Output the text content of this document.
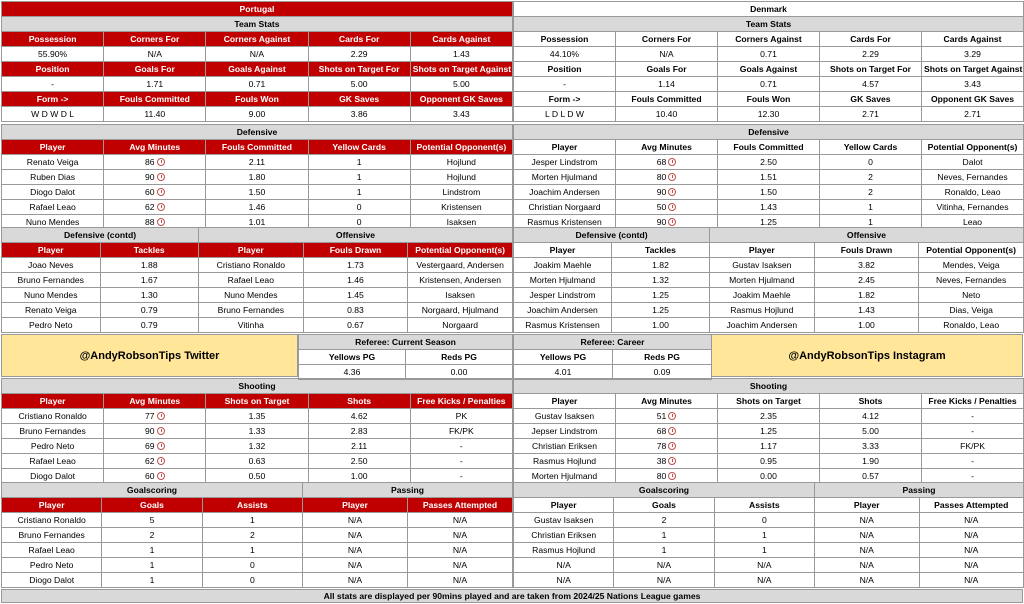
Portugal				
Team Stats				
Possession	Corners For	Corners Against	Cards For	Cards Against
55.90%	N/A	N/A	2.29	1.43
Position	Goals For	Goals Against	Shots on Target For	Shots on Target Against
-	1.71	0.71	5.00	5.00
Form ->	Fouls Committed	Fouls Won	GK Saves	Opponent GK Saves
W D W D L	11.40	9.00	3.86	3.43
Defensive				
Player	Avg Minutes	Fouls Committed	Yellow Cards	Potential Opponent(s)
Renato Veiga	86	2.11	1	Hojlund
Ruben Dias	90	1.80	1	Hojlund
Diogo Dalot	60	1.50	1	Lindstrom
Rafael Leao	62	1.46	0	Kristensen
Nuno Mendes	88	1.01	0	Isaksen
Defensive (contd)	
Player	Tackles
Joao Neves	1.88
Bruno Fernandes	1.67
Nuno Mendes	1.30
Renato Veiga	0.79
Pedro Neto	0.79
Offensive		
Player	Fouls Drawn	Potential Opponent(s)
Cristiano Ronaldo	1.73	Vestergaard, Andersen
Rafael Leao	1.46	Kristensen, Andersen
Nuno Mendes	1.45	Isaksen
Bruno Fernandes	0.83	Norgaard, Hjulmand
Vitinha	0.67	Norgaard
Shooting				
Player	Avg Minutes	Shots on Target	Shots	Free Kicks / Penalties
Cristiano Ronaldo	77	1.35	4.62	PK
Bruno Fernandes	90	1.33	2.83	FK/PK
Pedro Neto	69	1.32	2.11	-
Rafael Leao	62	0.63	2.50	-
Diogo Dalot	60	0.50	1.00	-
Goalscoring		
Player	Goals	Assists
Cristiano Ronaldo	5	1
Bruno Fernandes	2	2
Rafael Leao	1	1
Pedro Neto	1	0
Diogo Dalot	1	0
Passing	
Player	Passes Attempted
N/A	N/A
N/A	N/A
N/A	N/A
N/A	N/A
N/A	N/A
Denmark				
Team Stats				
Possession	Corners For	Corners Against	Cards For	Cards Against
44.10%	N/A	0.71	2.29	3.29
Position	Goals For	Goals Against	Shots on Target For	Shots on Target Against
-	1.14	0.71	4.57	3.43
Form ->	Fouls Committed	Fouls Won	GK Saves	Opponent GK Saves
L D L D W	10.40	12.30	2.71	2.71
Defensive				
Player	Avg Minutes	Fouls Committed	Yellow Cards	Potential Opponent(s)
Jesper Lindstrom	68	2.50	0	Dalot
Morten Hjulmand	80	1.51	2	Neves, Fernandes
Joachim Andersen	90	1.50	2	Ronaldo, Leao
Christian Norgaard	50	1.43	1	Vitinha, Fernandes
Rasmus Kristensen	90	1.25	1	Leao
Defensive (contd)	
Player	Tackles
Joakim Maehle	1.82
Morten Hjulmand	1.32
Jesper Lindstrom	1.25
Joachim Andersen	1.25
Rasmus Kristensen	1.00
Offensive		
Player	Fouls Drawn	Potential Opponent(s)
Gustav Isaksen	3.82	Mendes, Veiga
Morten Hjulmand	2.45	Neves, Fernandes
Joakim Maehle	1.82	Neto
Rasmus Hojlund	1.43	Dias, Veiga
Joachim Andersen	1.00	Ronaldo, Leao
Shooting				
Player	Avg Minutes	Shots on Target	Shots	Free Kicks / Penalties
Gustav Isaksen	51	2.35	4.12	-
Jepser Lindstrom	68	1.25	5.00	-
Christian Eriksen	78	1.17	3.33	FK/PK
Rasmus Hojlund	38	0.95	1.90	-
Morten Hjulmand	80	0.00	0.57	-
Goalscoring		
Player	Goals	Assists
Gustav Isaksen	2	0
Christian Eriksen	1	1
Rasmus Hojlund	1	1
N/A	N/A	N/A
N/A	N/A	N/A
Passing	
Player	Passes Attempted
N/A	N/A
N/A	N/A
N/A	N/A
N/A	N/A
N/A	N/A
@AndyRobsonTips Twitter	@AndyRobsonTips Instagram
Referee: Current Season	
Yellows PG	Reds PG
4.36	0.00
Referee: Career	
Yellows PG	Reds PG
4.01	0.09
All stats are displayed per 90mins played and are taken from 2024/25 Nations League games
